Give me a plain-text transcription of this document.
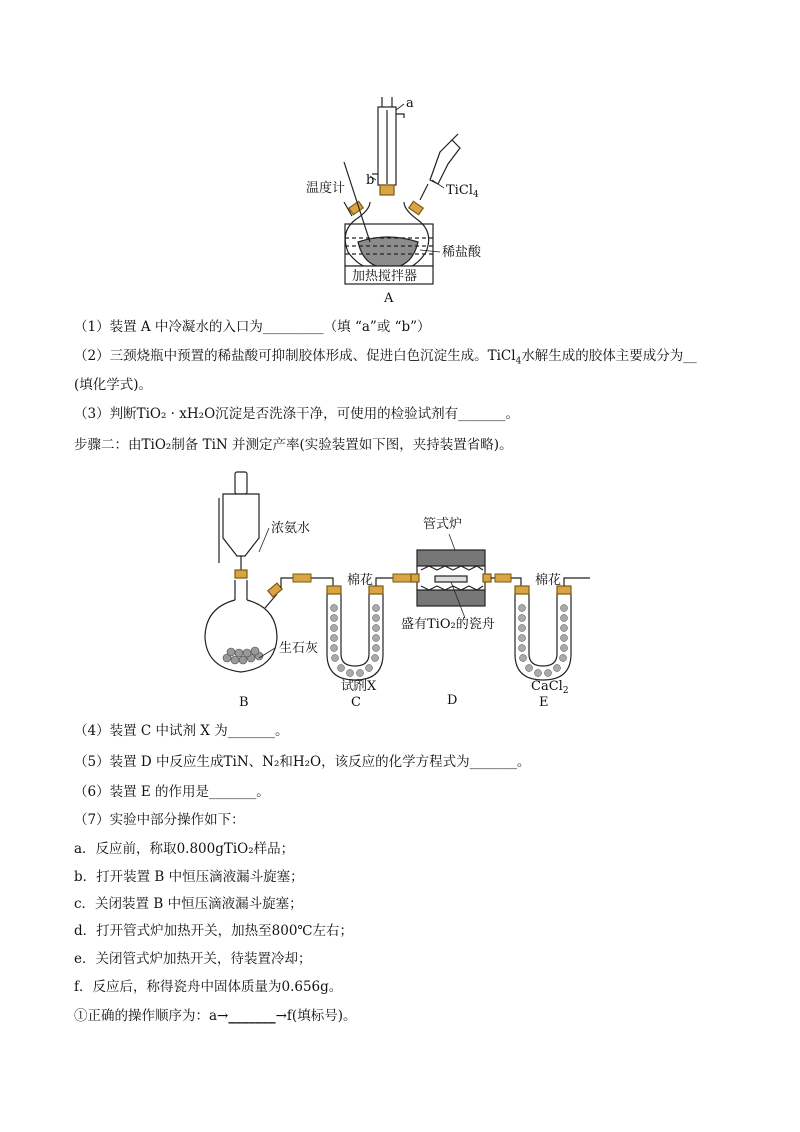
a
b
温度计	TiCl$_4$
稀盐酸
加热搅拌器
A
（1）装置 A 中冷凝水的入口为_________（填 “a”或 “b”）
（2）三颈烧瓶中预置的稀盐酸可抑制胶体形成、促进白色沉淀生成。TiCl$_4$水解生成的胶体主要成分为__
(填化学式)。
（3）判断TiO₂ · xH₂O沉淀是否洗涤干净，可使用的检验试剂有_______。
步骤二：由TiO₂制备 TiN 并测定产率(实验装置如下图，夹持装置省略)。
浓氨水	管式炉
棉花	棉花
盛有TiO₂的瓷舟
生石灰
试剂X	CaCl$_2$
B	C	D	E
（4）装置 C 中试剂 X 为_______。
（5）装置 D 中反应生成TiN、N₂和H₂O，该反应的化学方程式为_______。
（6）装置 E 的作用是_______。
（7）实验中部分操作如下：
a．反应前，称取0.800gTiO₂样品；
b．打开装置 B 中恒压滴液漏斗旋塞；
c．关闭装置 B 中恒压滴液漏斗旋塞；
d．打开管式炉加热开关，加热至800℃左右；
e．关闭管式炉加热开关，待装置冷却；
f．反应后，称得瓷舟中固体质量为0.656g。
①正确的操作顺序为：a→_______→f(填标号)。
